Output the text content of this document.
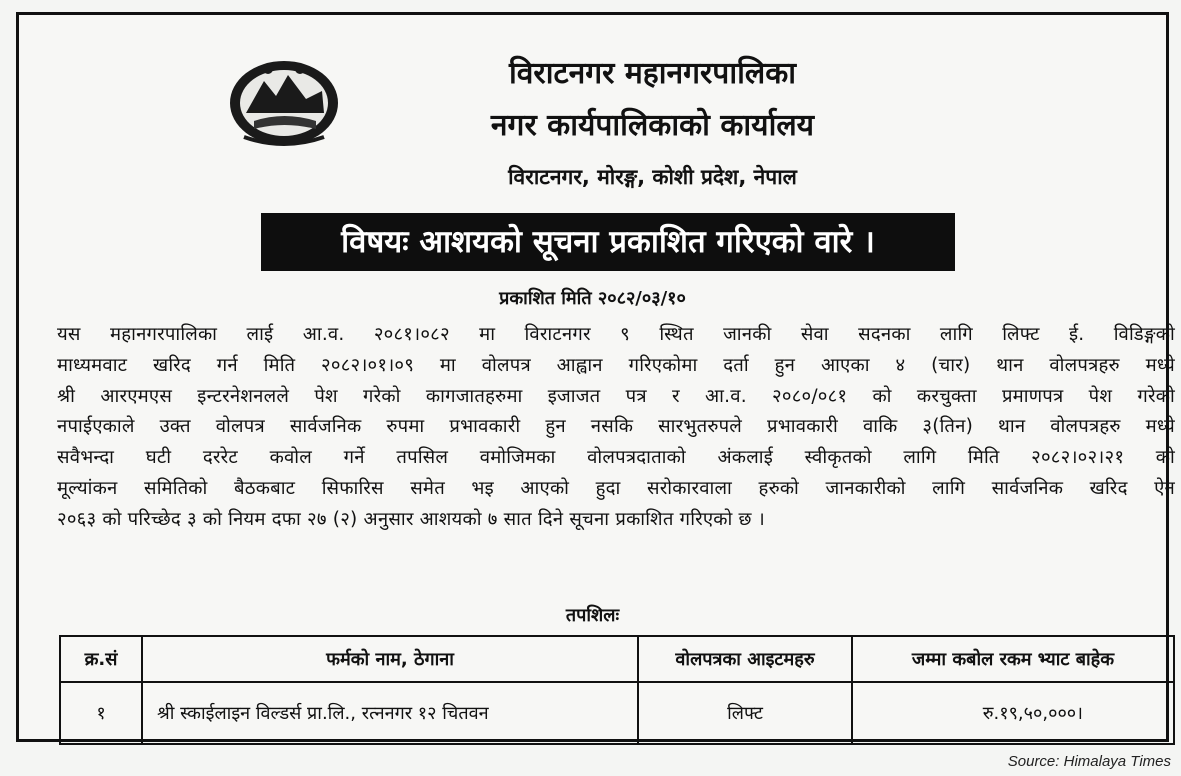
विराटनगर महानगरपालिका
नगर कार्यपालिकाको कार्यालय
विराटनगर, मोरङ्ग, कोशी प्रदेश, नेपाल
विषयः आशयको सूचना प्रकाशित गरिएको वारे ।
प्रकाशित मिति २०८२/०३/१०
यस महानगरपालिका लाई आ.व. २०८१।०८२ मा विराटनगर ९ स्थित जानकी सेवा सदनका लागि लिफ्ट ई. विडिङ्गको
माध्यमवाट खरिद गर्न मिति २०८२।०१।०९ मा वोलपत्र आह्वान गरिएकोमा दर्ता हुन आएका ४ (चार) थान वोलपत्रहरु मध्ये
श्री आरएमएस इन्टरनेशनलले पेश गरेको कागजातहरुमा इजाजत पत्र र आ.व. २०८०/०८१ को करचुक्ता प्रमाणपत्र पेश गरेको
नपाईएकाले उक्त वोलपत्र सार्वजनिक रुपमा प्रभावकारी हुन नसकि सारभुतरुपले प्रभावकारी वाकि ३(तिन) थान वोलपत्रहरु मध्ये
सवैभन्दा घटी दररेट कवोल गर्ने तपसिल वमोजिमका वोलपत्रदाताको अंकलाई स्वीकृतको लागि मिति २०८२।०२।२१ को
मूल्यांकन समितिको बैठकबाट सिफारिस समेत भइ आएको हुदा सरोकारवाला हरुको जानकारीको लागि सार्वजनिक खरिद ऐन
२०६३ को परिच्छेद ३ को नियम दफा २७ (२) अनुसार आशयको ७ सात दिने सूचना प्रकाशित गरिएको छ ।
तपशिलः
क्र.सं	फर्मको नाम, ठेगाना	वोलपत्रका आइटमहरु	जम्मा कबोल रकम भ्याट बाहेक
१	श्री स्काईलाइन विल्डर्स प्रा.लि., रत्ननगर १२ चितवन	लिफ्ट	रु.१९,५०,०००।
Source: Himalaya Times
